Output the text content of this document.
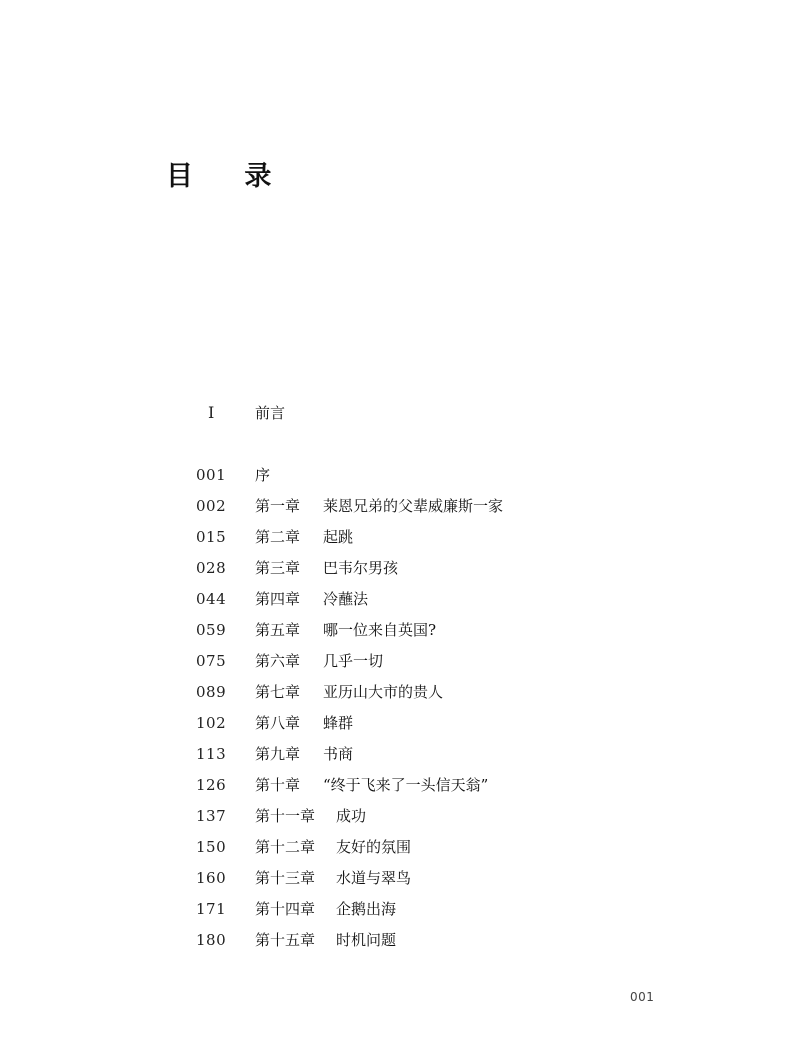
目 录
Ⅰ	前言
001	序
002	第一章 莱恩兄弟的父辈威廉斯一家
015	第二章 起跳
028	第三章 巴韦尔男孩
044	第四章 冷蘸法
059	第五章 哪一位来自英国?
075	第六章 几乎一切
089	第七章 亚历山大市的贵人
102	第八章 蜂群
113	第九章 书商
126	第十章 “终于飞来了一头信天翁”
137	第十一章 成功
150	第十二章 友好的氛围
160	第十三章 水道与翠鸟
171	第十四章 企鹅出海
180	第十五章 时机问题
001
